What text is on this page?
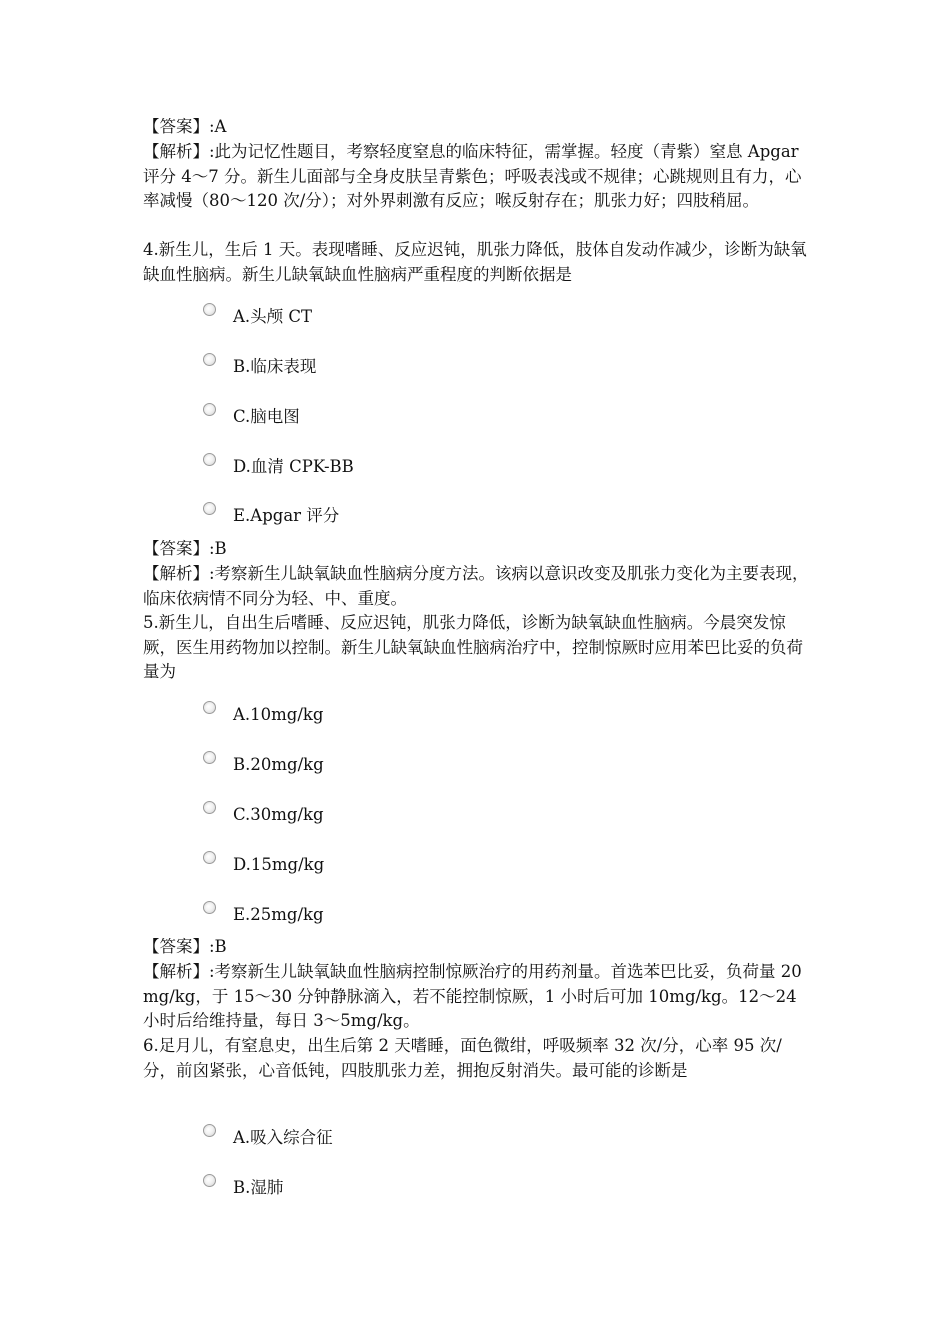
【答案】:A

【解析】:此为记忆性题目，考察轻度窒息的临床特征，需掌握。轻度（青紫）窒息 Apgar 评分 4～7 分。新生儿面部与全身皮肤呈青紫色；呼吸表浅或不规律；心跳规则且有力，心率减慢（80～120 次/分）；对外界刺激有反应；喉反射存在；肌张力好；四肢稍屈。

4.新生儿，生后 1 天。表现嗜睡、反应迟钝，肌张力降低，肢体自发动作减少，诊断为缺氧缺血性脑病。新生儿缺氧缺血性脑病严重程度的判断依据是

A.头颅 CT
B.临床表现
C.脑电图
D.血清 CPK-BB
E.Apgar 评分

【答案】:B

【解析】:考察新生儿缺氧缺血性脑病分度方法。该病以意识改变及肌张力变化为主要表现，临床依病情不同分为轻、中、重度。

5.新生儿，自出生后嗜睡、反应迟钝，肌张力降低，诊断为缺氧缺血性脑病。今晨突发惊厥，医生用药物加以控制。新生儿缺氧缺血性脑病治疗中，控制惊厥时应用苯巴比妥的负荷量为

A.10mg/kg
B.20mg/kg
C.30mg/kg
D.15mg/kg
E.25mg/kg

【答案】:B

【解析】:考察新生儿缺氧缺血性脑病控制惊厥治疗的用药剂量。首选苯巴比妥，负荷量 20mg/kg，于 15～30 分钟静脉滴入，若不能控制惊厥，1 小时后可加 10mg/kg。12～24 小时后给维持量，每日 3～5mg/kg。

6.足月儿，有窒息史，出生后第 2 天嗜睡，面色微绀，呼吸频率 32 次/分，心率 95 次/分，前囟紧张，心音低钝，四肢肌张力差，拥抱反射消失。最可能的诊断是

A.吸入综合征
B.湿肺
